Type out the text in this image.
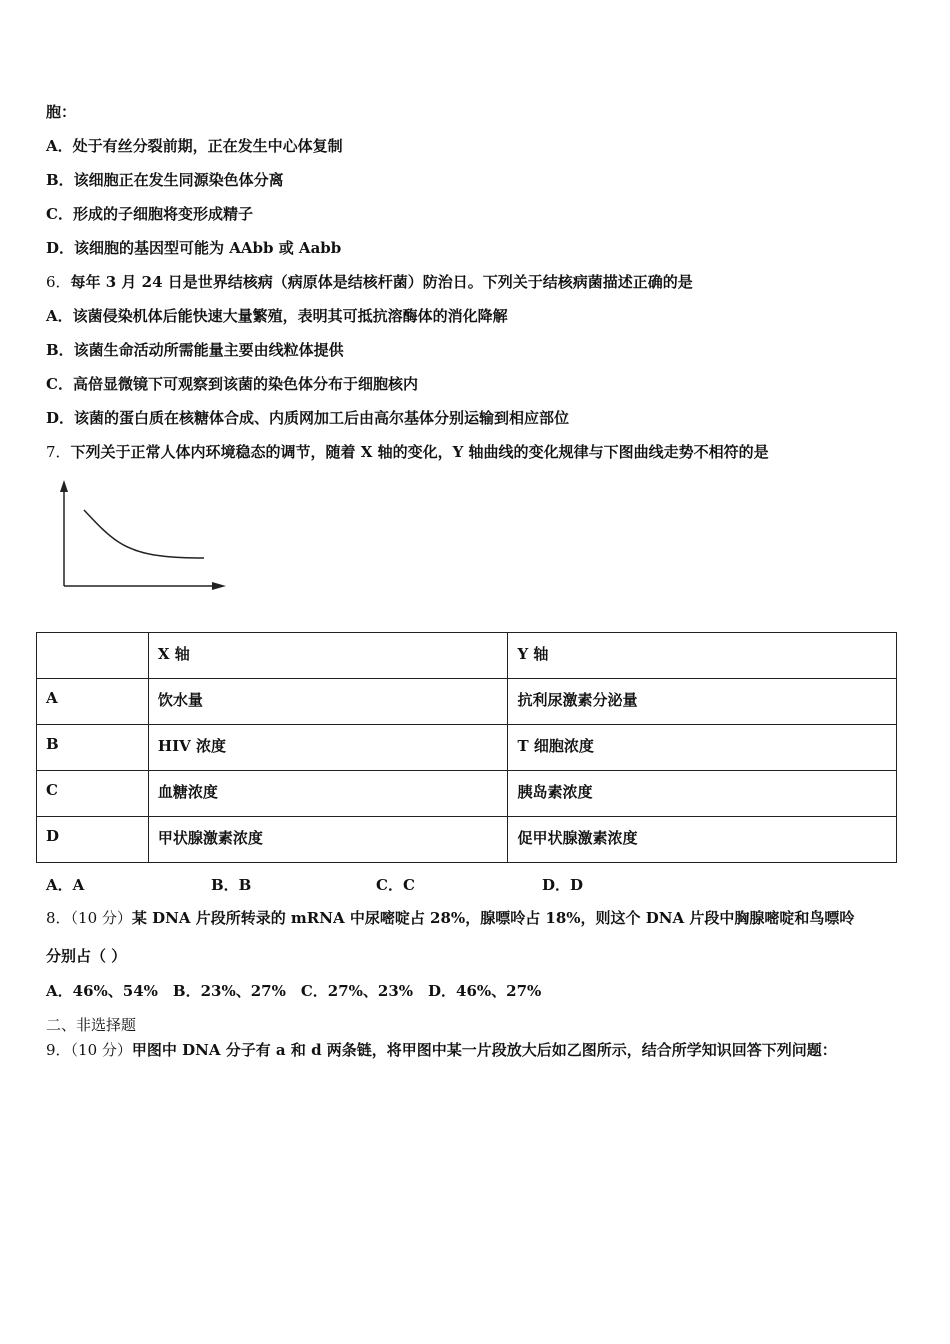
胞：
A．处于有丝分裂前期，正在发生中心体复制
B．该细胞正在发生同源染色体分离
C．形成的子细胞将变形成精子
D．该细胞的基因型可能为 AAbb 或 Aabb
6．每年 3 月 24 日是世界结核病（病原体是结核杆菌）防治日。下列关于结核病菌描述正确的是
A．该菌侵染机体后能快速大量繁殖，表明其可抵抗溶酶体的消化降解
B．该菌生命活动所需能量主要由线粒体提供
C．高倍显微镜下可观察到该菌的染色体分布于细胞核内
D．该菌的蛋白质在核糖体合成、内质网加工后由高尔基体分别运输到相应部位
7．下列关于正常人体内环境稳态的调节，随着 X 轴的变化，Y 轴曲线的变化规律与下图曲线走势不相符的是
	X 轴	Y 轴
A	饮水量	抗利尿激素分泌量
B	HIV 浓度	T 细胞浓度
C	血糖浓度	胰岛素浓度
D	甲状腺激素浓度	促甲状腺激素浓度
A．A	B．B	C．C	D．D
8．（10 分）某 DNA 片段所转录的 mRNA 中尿嘧啶占 28%，腺嘌呤占 18%，则这个 DNA 片段中胸腺嘧啶和鸟嘌呤
分别占（ ）
A．46%、54%　B．23%、27%　C．27%、23%　D．46%、27%
二、非选择题
9．（10 分）甲图中 DNA 分子有 a 和 d 两条链，将甲图中某一片段放大后如乙图所示，结合所学知识回答下列问题：
